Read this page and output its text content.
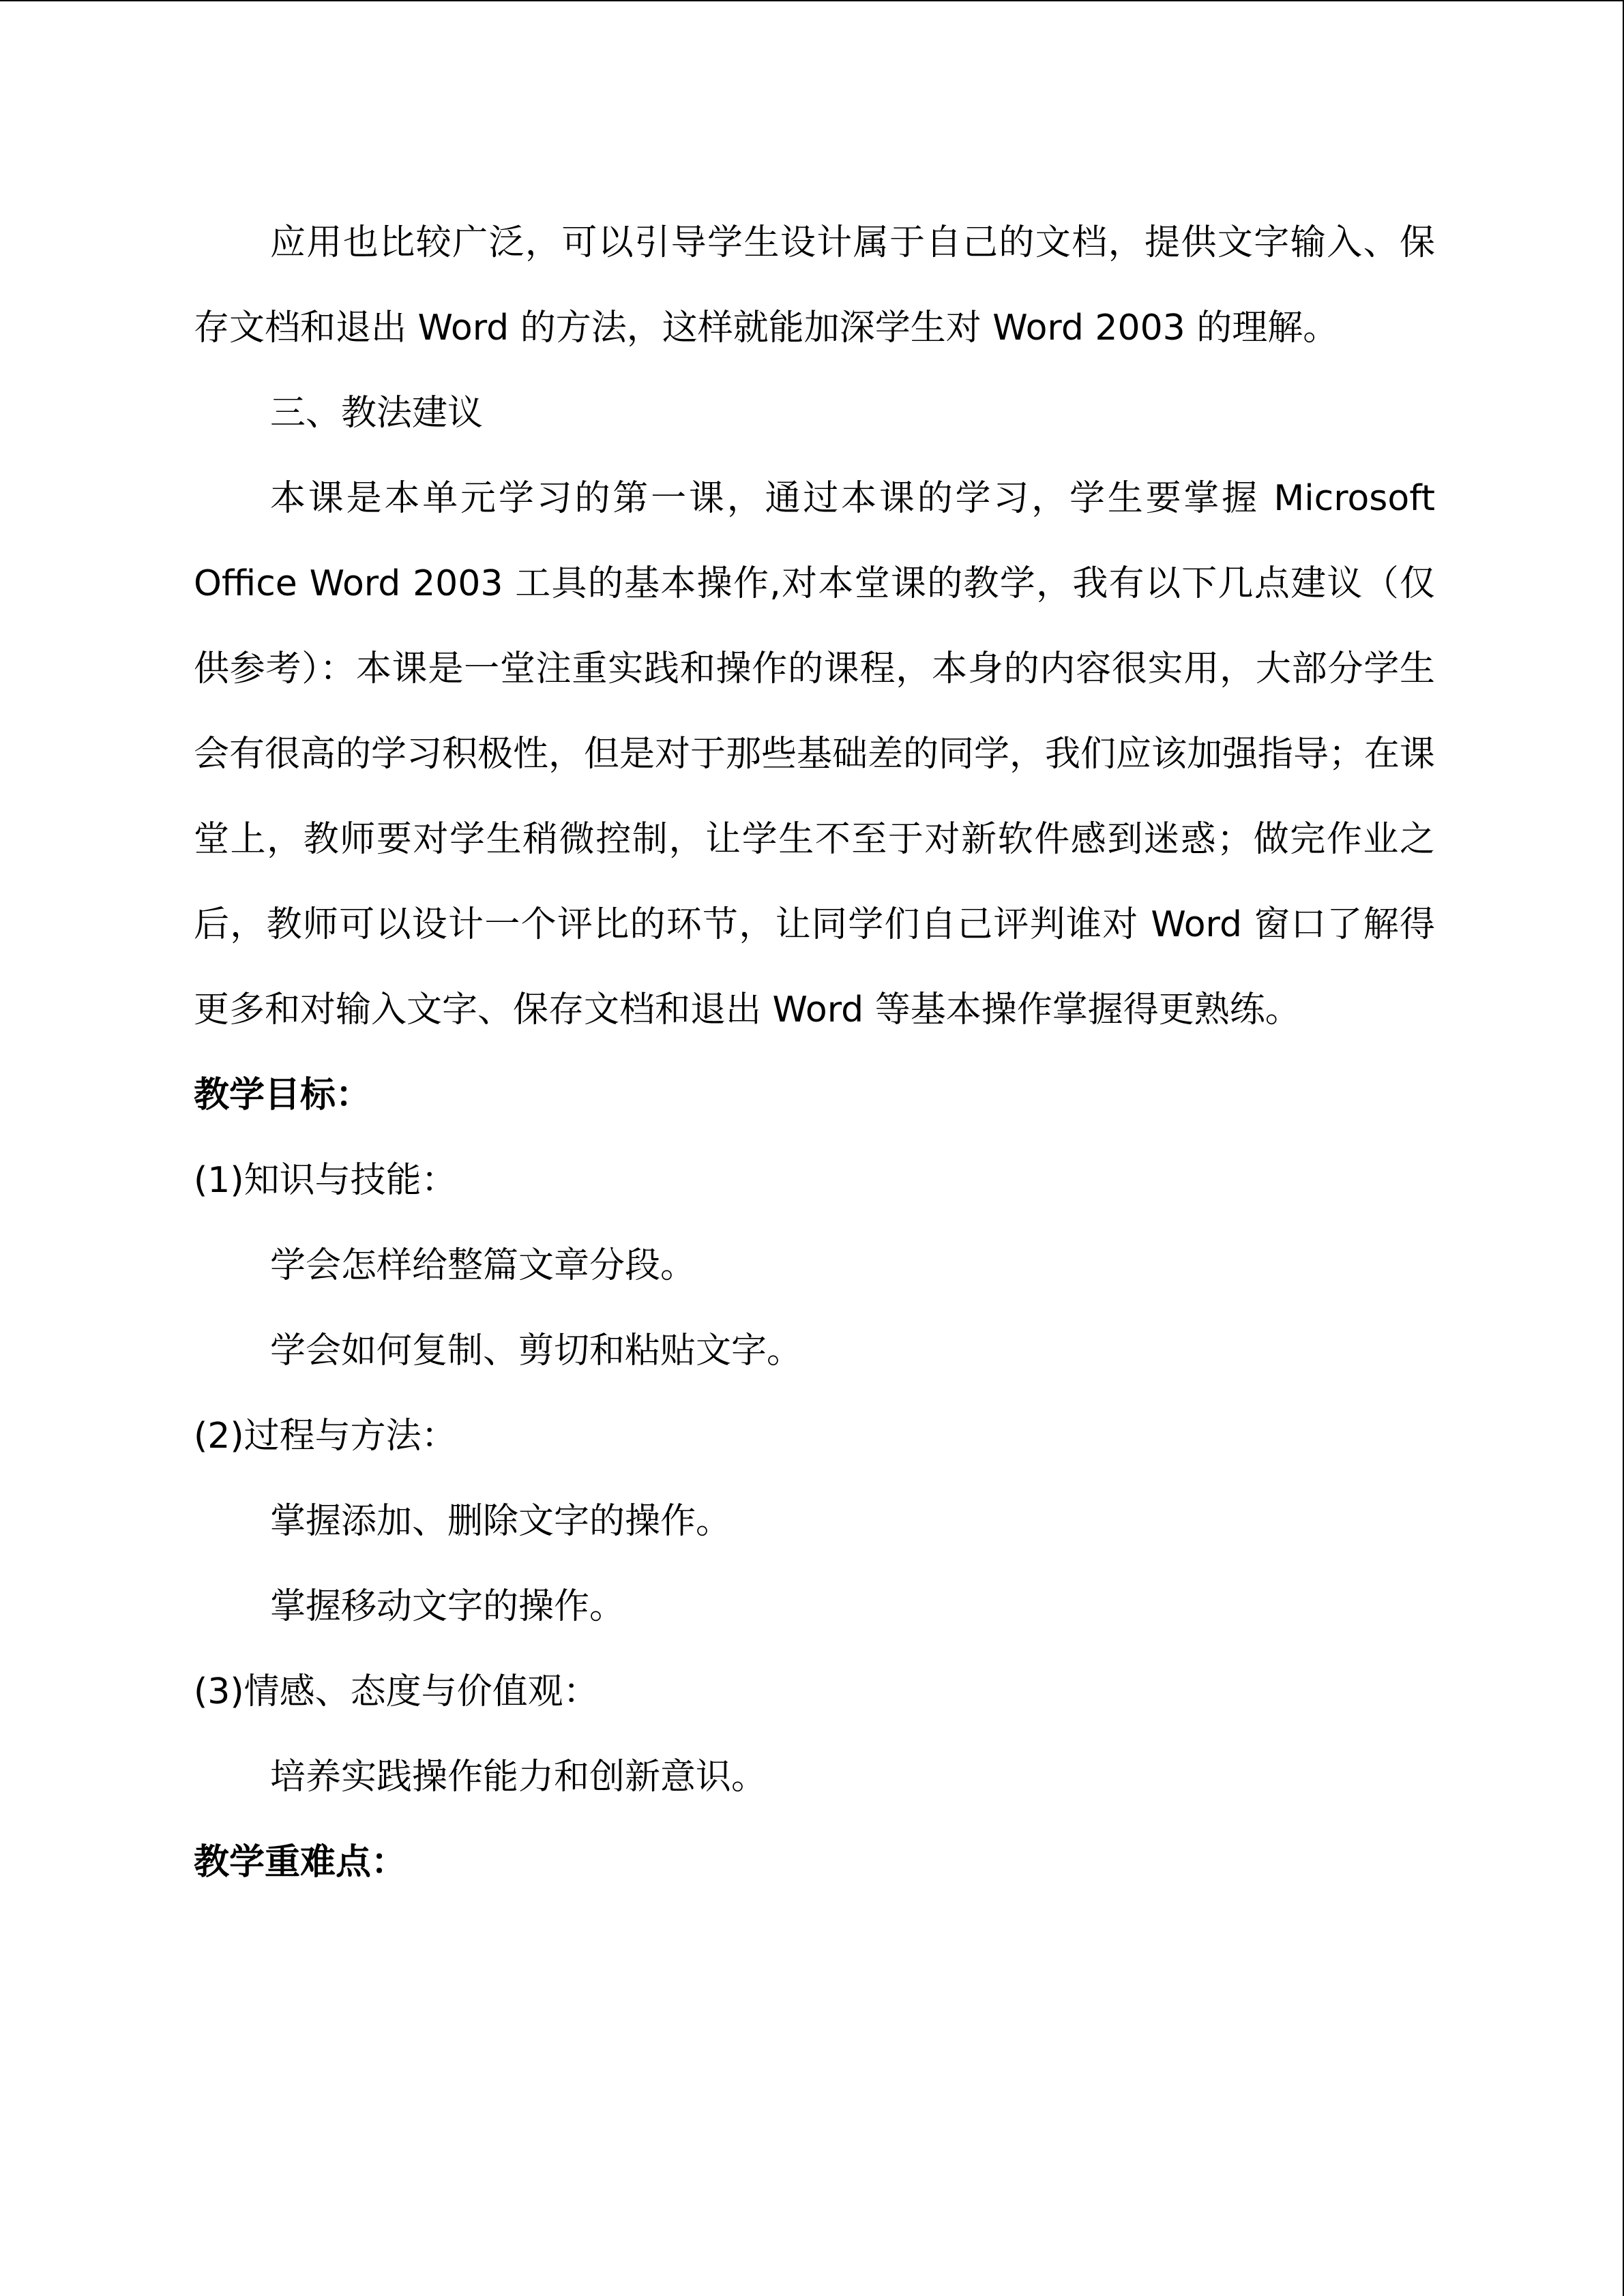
应用也比较广泛，可以引导学生设计属于自己的文档，提供文字输入、保存文档和退出 Word 的方法，这样就能加深学生对 Word 2003 的理解。

三、教法建议

本课是本单元学习的第一课，通过本课的学习，学生要掌握 Microsoft Office Word 2003 工具的基本操作,对本堂课的教学，我有以下几点建议（仅供参考）：本课是一堂注重实践和操作的课程，本身的内容很实用，大部分学生会有很高的学习积极性，但是对于那些基础差的同学，我们应该加强指导；在课堂上，教师要对学生稍微控制，让学生不至于对新软件感到迷惑；做完作业之后，教师可以设计一个评比的环节，让同学们自己评判谁对 Word 窗口了解得更多和对输入文字、保存文档和退出 Word 等基本操作掌握得更熟练。

教学目标：

(1)知识与技能：

学会怎样给整篇文章分段。

学会如何复制、剪切和粘贴文字。

(2)过程与方法：

掌握添加、删除文字的操作。

掌握移动文字的操作。

(3)情感、态度与价值观：

培养实践操作能力和创新意识。

教学重难点：
